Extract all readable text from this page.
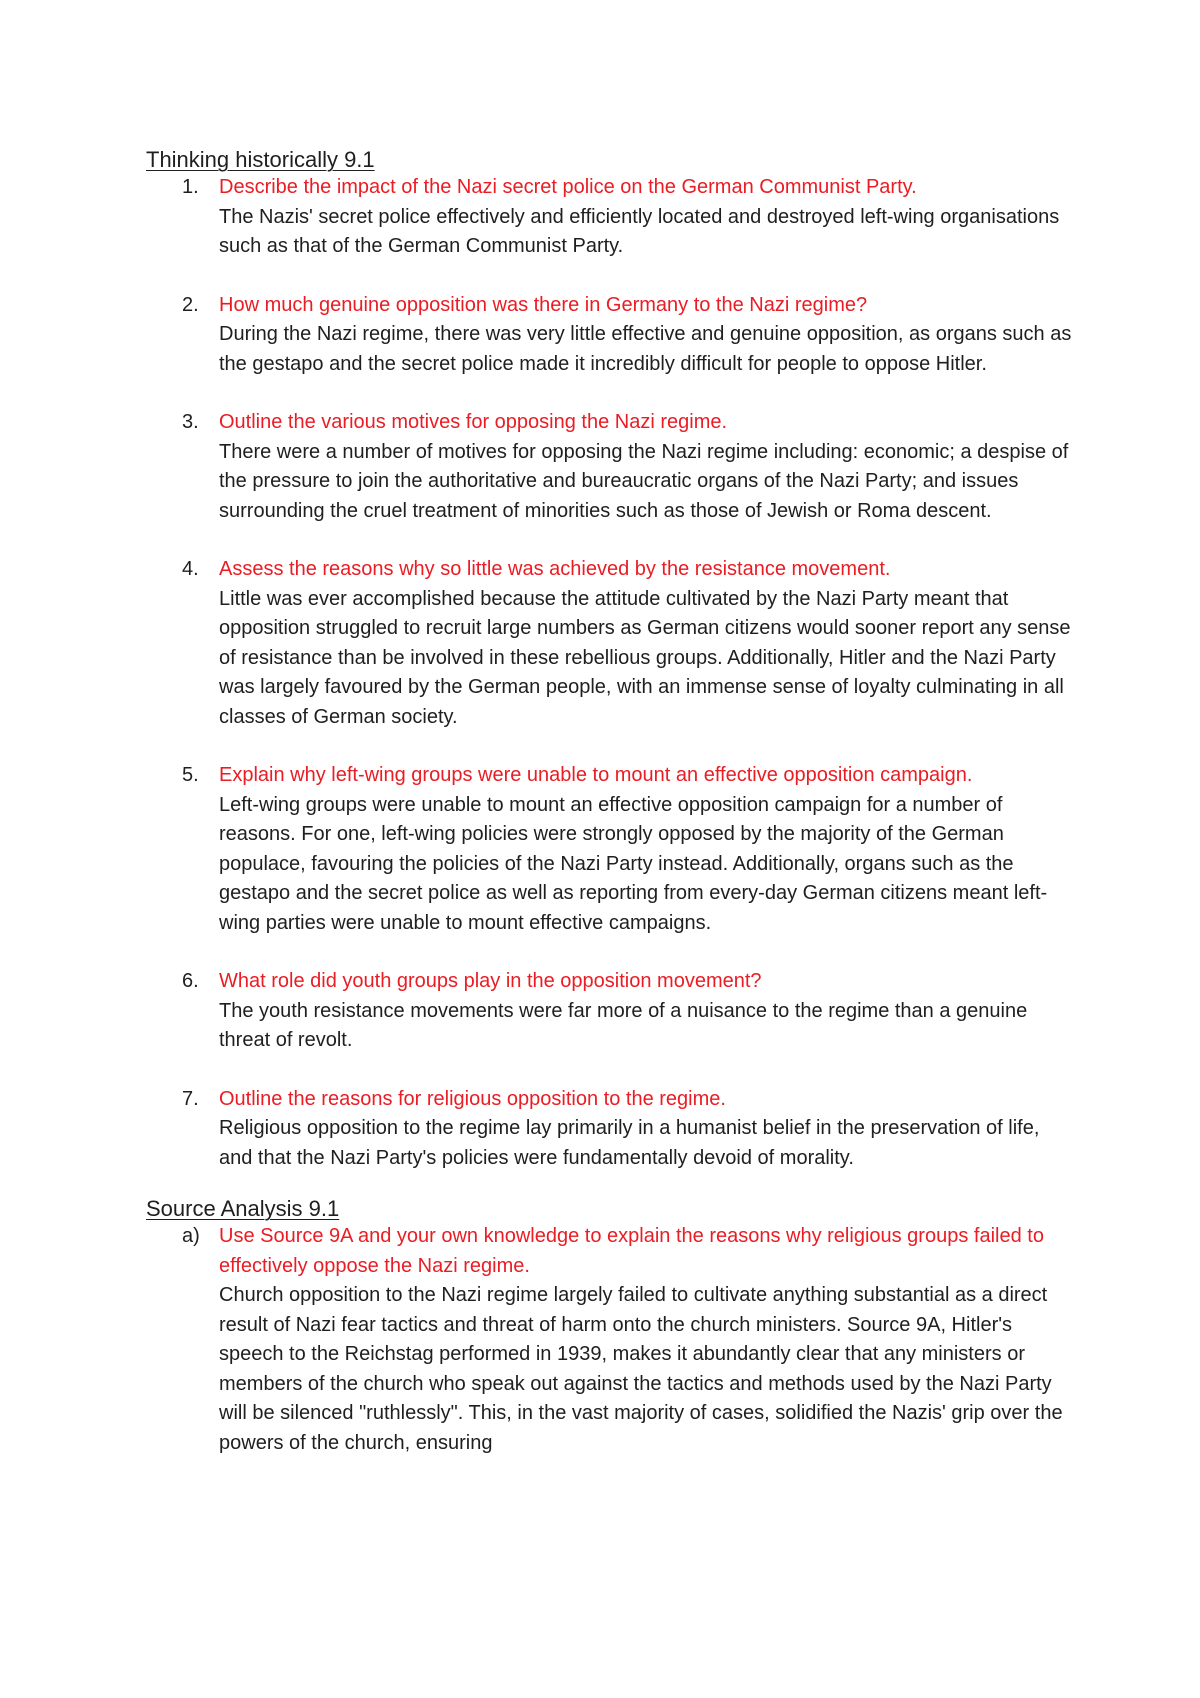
Thinking historically 9.1

1.	Describe the impact of the Nazi secret police on the German Communist Party.
The Nazis' secret police effectively and efficiently located and destroyed left-wing organisations such as that of the German Communist Party.
2.	How much genuine opposition was there in Germany to the Nazi regime?
During the Nazi regime, there was very little effective and genuine opposition, as organs such as the gestapo and the secret police made it incredibly difficult for people to oppose Hitler.
3.	Outline the various motives for opposing the Nazi regime.
There were a number of motives for opposing the Nazi regime including: economic; a despise of the pressure to join the authoritative and bureaucratic organs of the Nazi Party; and issues surrounding the cruel treatment of minorities such as those of Jewish or Roma descent.
4.	Assess the reasons why so little was achieved by the resistance movement.
Little was ever accomplished because the attitude cultivated by the Nazi Party meant that opposition struggled to recruit large numbers as German citizens would sooner report any sense of resistance than be involved in these rebellious groups. Additionally, Hitler and the Nazi Party was largely favoured by the German people, with an immense sense of loyalty culminating in all classes of German society.
5.	Explain why left-wing groups were unable to mount an effective opposition campaign.
Left-wing groups were unable to mount an effective opposition campaign for a number of reasons. For one, left-wing policies were strongly opposed by the majority of the German populace, favouring the policies of the Nazi Party instead. Additionally, organs such as the gestapo and the secret police as well as reporting from every-day German citizens meant left-wing parties were unable to mount effective campaigns.
6.	What role did youth groups play in the opposition movement?
The youth resistance movements were far more of a nuisance to the regime than a genuine threat of revolt.
7.	Outline the reasons for religious opposition to the regime.
Religious opposition to the regime lay primarily in a humanist belief in the preservation of life, and that the Nazi Party's policies were fundamentally devoid of morality.

Source Analysis 9.1

a) Use Source 9A and your own knowledge to explain the reasons why religious groups failed to effectively oppose the Nazi regime.
Church opposition to the Nazi regime largely failed to cultivate anything substantial as a direct result of Nazi fear tactics and threat of harm onto the church ministers. Source 9A, Hitler's speech to the Reichstag performed in 1939, makes it abundantly clear that any ministers or members of the church who speak out against the tactics and methods used by the Nazi Party will be silenced "ruthlessly". This, in the vast majority of cases, solidified the Nazis' grip over the powers of the church, ensuring
